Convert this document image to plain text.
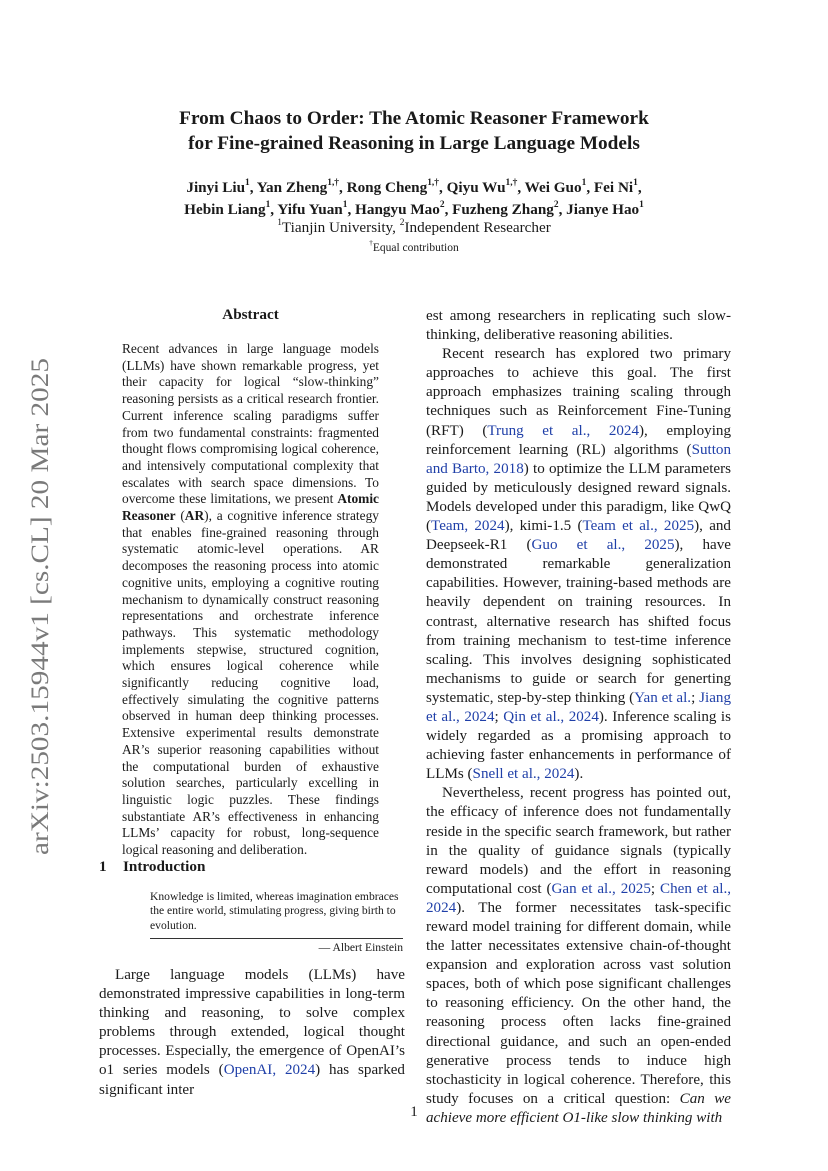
arXiv:2503.15944v1 [cs.CL] 20 Mar 2025
From Chaos to Order: The Atomic Reasoner Framework
for Fine-grained Reasoning in Large Language Models
Jinyi Liu$^1$, Yan Zheng$^{1,\dagger}$, Rong Cheng$^{1,\dagger}$, Qiyu $Wu^{1,\dagger}$, Wei Guo$^1$, Fei Ni$^1$,
Hebin Liang$^1$, Yifu Yuan$^1$, Hangyu Mao$^2$, Fuzheng Zhang$^2$, Jianye Hao$^1$
$^1$Tianjin University, $^2$Independent Researcher
†Equal contribution
Abstract
Recent advances in large language models (LLMs) have shown remarkable progress, yet their capacity for logical “slow-thinking” reasoning persists as a critical research frontier. Current inference scaling paradigms suffer from two fundamental constraints: fragmented thought flows compromising logical coherence, and intensively computational complexity that escalates with search space dimensions. To overcome these limitations, we present Atomic Reasoner (AR), a cognitive inference strategy that enables fine-grained reasoning through systematic atomic-level operations. AR decomposes the reasoning process into atomic cognitive units, employing a cognitive routing mechanism to dynamically construct reasoning representations and orchestrate inference pathways. This systematic methodology implements stepwise, structured cognition, which ensures logical coherence while significantly reducing cognitive load, effectively simulating the cognitive patterns observed in human deep thinking processes. Extensive experimental results demonstrate AR’s superior reasoning capabilities without the computational burden of exhaustive solution searches, particularly excelling in linguistic logic puzzles. These findings substantiate AR’s effectiveness in enhancing LLMs’ capacity for robust, long-sequence logical reasoning and deliberation.
1 Introduction
Knowledge is limited, whereas imagination embraces the entire world, stimulating progress, giving birth to evolution.
— Albert Einstein

Large language models (LLMs) have demonstrated impressive capabilities in long-term thinking and reasoning, to solve complex problems through extended, logical thought processes. Especially, the emergence of OpenAI’s o1 series models (OpenAI, 2024) has sparked significant inter

est among researchers in replicating such slow-thinking, deliberative reasoning abilities.

Recent research has explored two primary approaches to achieve this goal. The first approach emphasizes training scaling through techniques such as Reinforcement Fine-Tuning (RFT) (Trung et al., 2024), employing reinforcement learning (RL) algorithms (Sutton and Barto, 2018) to optimize the LLM parameters guided by meticulously designed reward signals. Models developed under this paradigm, like QwQ (Team, 2024), kimi-1.5 (Team et al., 2025), and Deepseek-R1 (Guo et al., 2025), have demonstrated remarkable generalization capabilities. However, training-based methods are heavily dependent on training resources. In contrast, alternative research has shifted focus from training mechanism to test-time inference scaling. This involves designing sophisticated mechanisms to guide or search for generting systematic, step-by-step thinking (Yan et al.; Jiang et al., 2024; Qin et al., 2024). Inference scaling is widely regarded as a promising approach to achieving faster enhancements in performance of LLMs (Snell et al., 2024).

Nevertheless, recent progress has pointed out, the efficacy of inference does not fundamentally reside in the specific search framework, but rather in the quality of guidance signals (typically reward models) and the effort in reasoning computational cost (Gan et al., 2025; Chen et al., 2024). The former necessitates task-specific reward model training for different domain, while the latter necessitates extensive chain-of-thought expansion and exploration across vast solution spaces, both of which pose significant challenges to reasoning efficiency. On the other hand, the reasoning process often lacks fine-grained directional guidance, and such an open-ended generative process tends to induce high stochasticity in logical coherence. Therefore, this study focuses on a critical question: Can we achieve more efficient O1-like slow thinking with

1
